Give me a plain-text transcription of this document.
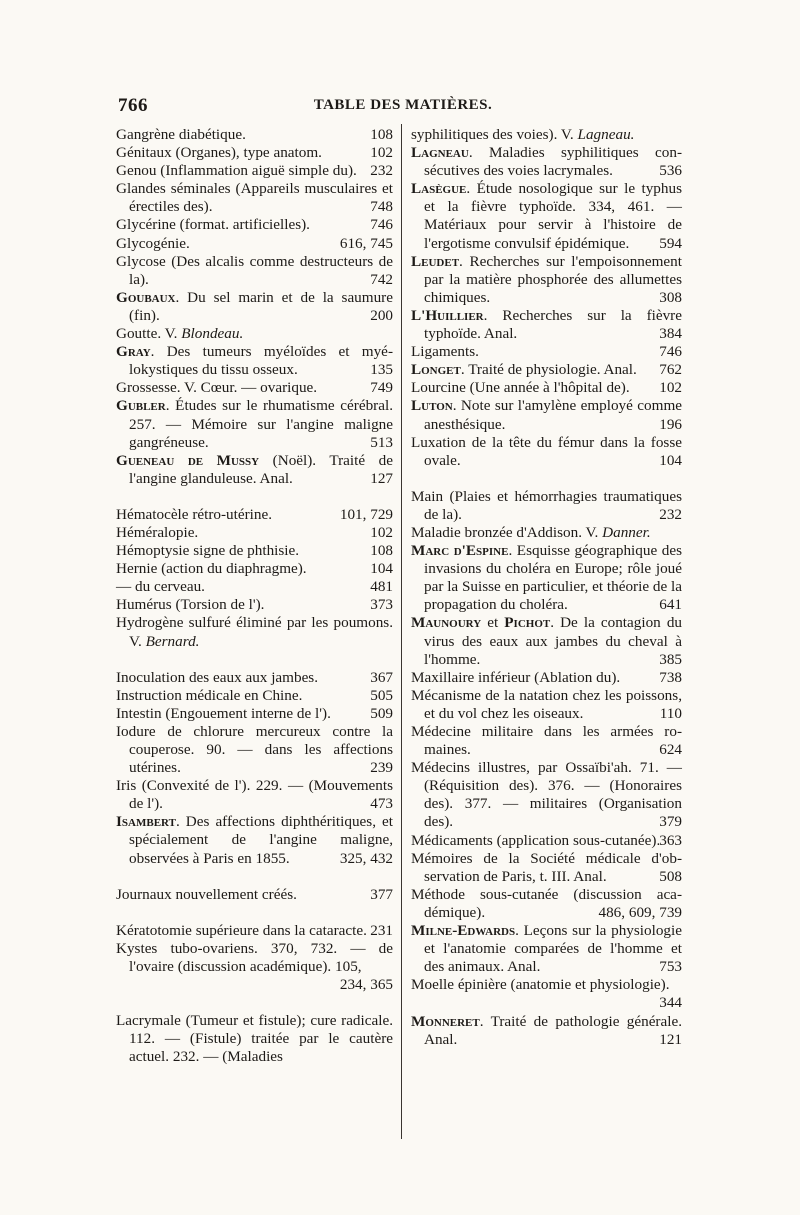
766	TABLE DES MATIÈRES.
Gangrène diabétique.	108
Génitaux (Organes), type anatom.	102
Genou (Inflammation aiguë simple du). 232
Glandes séminales (Appareils musculaires et érectiles des).	748
Glycérine (format. artificielles).	746
Glycogénie.	616, 745
Glycose (Des alcalis comme destructeurs de la).	742
Goubaux. Du sel marin et de la saumure (fin).	200
Goutte. V. Blondeau.
Gray. Des tumeurs myéloïdes et myélokystiques du tissu osseux.	135
Grossesse. V. Cœur. — ovarique.	749
Gubler. Études sur le rhumatisme cérébral. 257. — Mémoire sur l'angine maligne gangréneuse.	513
Gueneau de Mussy (Noël). Traité de l'angine glanduleuse. Anal.	127
Hématocèle rétro-utérine.	101, 729
Héméralopie.	102
Hémoptysie signe de phthisie.	108
Hernie (action du diaphragme).	104
— du cerveau.	481
Humérus (Torsion de l').	373
Hydrogène sulfuré éliminé par les poumons. V. Bernard.
Inoculation des eaux aux jambes.	367
Instruction médicale en Chine.	505
Intestin (Engouement interne de l').	509
Iodure de chlorure mercureux contre la couperose. 90. — dans les affections utérines.	239
Iris (Convexité de l'). 229. — (Mouvements de l').	473
Isambert. Des affections diphthéritiques, et spécialement de l'angine maligne, observées à Paris en 1855.	325, 432
Journaux nouvellement créés.	377
Kératotomie supérieure dans la cataracte. 231
Kystes tubo-ovariens. 370, 732. — de l'ovaire (discussion académique). 105,
234, 365
Lacrymale (Tumeur et fistule); cure radicale. 112. — (Fistule) traitée par le cautère actuel. 232. — (Maladies
syphilitiques des voies). V. Lagneau.
Lagneau. Maladies syphilitiques consécutives des voies lacrymales.	536
Lasègue. Étude nosologique sur le typhus et la fièvre typhoïde. 334, 461. — Matériaux pour servir à l'histoire de l'ergotisme convulsif épidémique. 594
Leudet. Recherches sur l'empoisonnement par la matière phosphorée des allumettes chimiques.	308
L'Huillier. Recherches sur la fièvre typhoïde. Anal.	384
Ligaments.	746
Longet. Traité de physiologie. Anal. 762
Lourcine (Une année à l'hôpital de). 102
Luton. Note sur l'amylène employé comme anesthésique.	196
Luxation de la tête du fémur dans la fosse ovale.	104
Main (Plaies et hémorrhagies traumatiques de la).	232
Maladie bronzée d'Addison. V. Danner.
Marc d'Espine. Esquisse géographique des invasions du choléra en Europe; rôle joué par la Suisse en particulier, et théorie de la propagation du choléra.	641
Maunoury et Pichot. De la contagion du virus des eaux aux jambes du cheval à l'homme.	385
Maxillaire inférieur (Ablation du).	738
Mécanisme de la natation chez les poissons, et du vol chez les oiseaux.	110
Médecine militaire dans les armées romaines.	624
Médecins illustres, par Ossaïbi'ah. 71. — (Réquisition des). 376. — (Honoraires des). 377. — militaires (Organisation des).	379
Médicaments (application sous-cutanée).
363
Mémoires de la Société médicale d'observation de Paris, t. III. Anal.	508
Méthode sous-cutanée (discussion académique).	486, 609, 739
Milne-Edwards. Leçons sur la physiologie et l'anatomie comparées de l'homme et des animaux. Anal.	753
Moelle épinière (anatomie et physiologie).
344
Monneret. Traité de pathologie générale. Anal.	121
